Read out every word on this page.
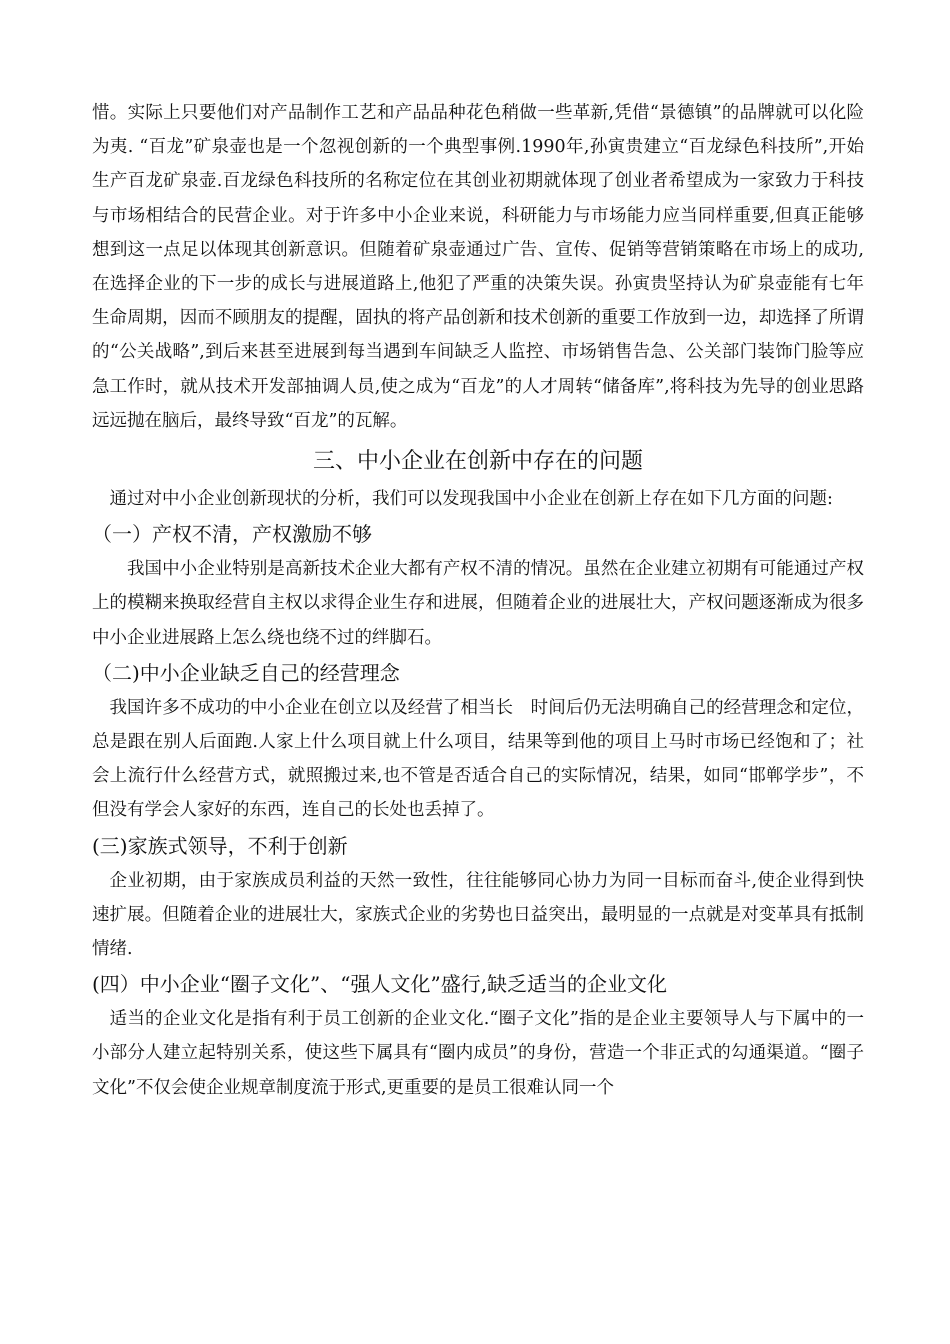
惜。实际上只要他们对产品制作工艺和产品品种花色稍做一些革新,凭借“景德镇”的品牌就可以化险为夷. “百龙”矿泉壶也是一个忽视创新的一个典型事例.1990年,孙寅贵建立“百龙绿色科技所”,开始生产百龙矿泉壶.百龙绿色科技所的名称定位在其创业初期就体现了创业者希望成为一家致力于科技与市场相结合的民营企业。对于许多中小企业来说，科研能力与市场能力应当同样重要,但真正能够想到这一点足以体现其创新意识。但随着矿泉壶通过广告、宣传、促销等营销策略在市场上的成功,在选择企业的下一步的成长与进展道路上,他犯了严重的决策失误。孙寅贵坚持认为矿泉壶能有七年生命周期，因而不顾朋友的提醒，固执的将产品创新和技术创新的重要工作放到一边，却选择了所谓的“公关战略”,到后来甚至进展到每当遇到车间缺乏人监控、市场销售告急、公关部门装饰门脸等应急工作时，就从技术开发部抽调人员,使之成为“百龙”的人才周转“储备库”,将科技为先导的创业思路远远抛在脑后，最终导致“百龙”的瓦解。

三、中小企业在创新中存在的问题

通过对中小企业创新现状的分析，我们可以发现我国中小企业在创新上存在如下几方面的问题:

（一）产权不清，产权激励不够

我国中小企业特别是高新技术企业大都有产权不清的情况。虽然在企业建立初期有可能通过产权上的模糊来换取经营自主权以求得企业生存和进展，但随着企业的进展壮大，产权问题逐渐成为很多中小企业进展路上怎么绕也绕不过的绊脚石。

（二)中小企业缺乏自己的经营理念

我国许多不成功的中小企业在创立以及经营了相当长　时间后仍无法明确自己的经营理念和定位，总是跟在别人后面跑.人家上什么项目就上什么项目，结果等到他的项目上马时市场已经饱和了；社会上流行什么经营方式，就照搬过来,也不管是否适合自己的实际情况，结果，如同“邯郸学步”，不但没有学会人家好的东西，连自己的长处也丢掉了。

(三)家族式领导，不利于创新

企业初期，由于家族成员利益的天然一致性，往往能够同心协力为同一目标而奋斗,使企业得到快速扩展。但随着企业的进展壮大，家族式企业的劣势也日益突出，最明显的一点就是对变革具有抵制情绪.

(四）中小企业“圈子文化”、“强人文化”盛行,缺乏适当的企业文化

适当的企业文化是指有利于员工创新的企业文化.“圈子文化”指的是企业主要领导人与下属中的一小部分人建立起特别关系，使这些下属具有“圈内成员”的身份，营造一个非正式的勾通渠道。“圈子文化”不仅会使企业规章制度流于形式,更重要的是员工很难认同一个
